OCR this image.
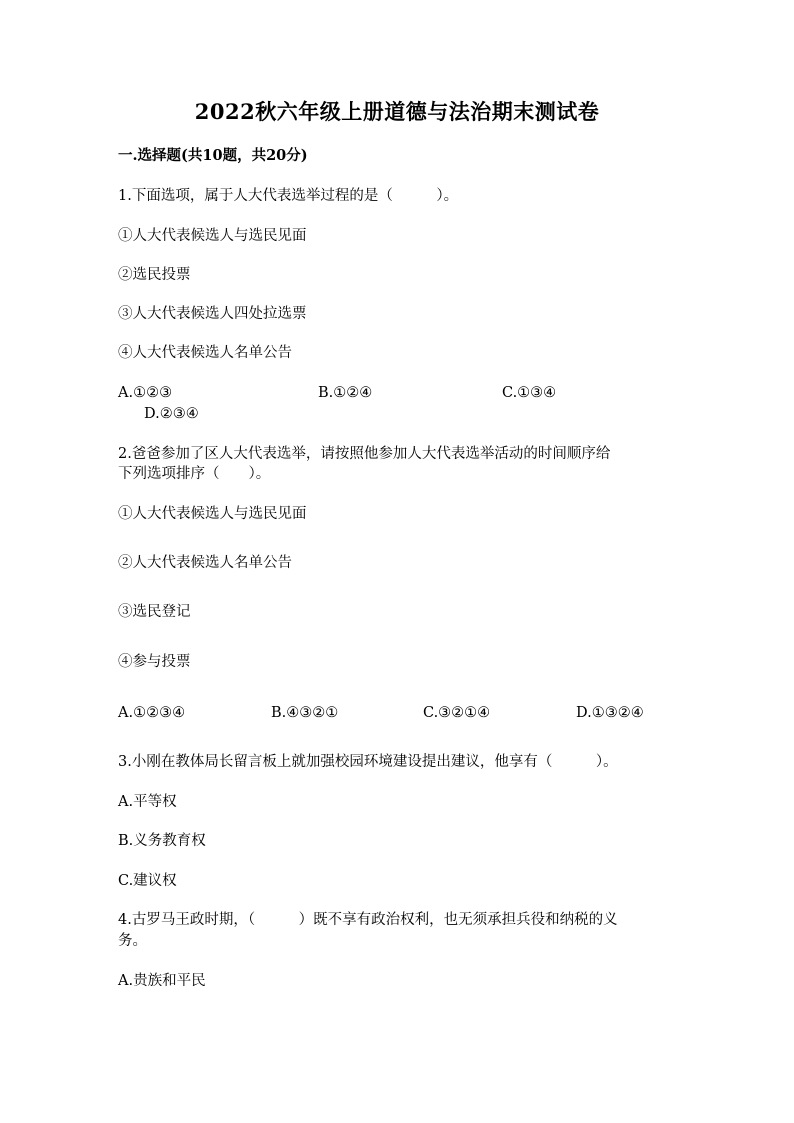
2022秋六年级上册道德与法治期末测试卷
一.选择题(共10题，共20分)
1.下面选项，属于人大代表选举过程的是（　　　）。
①人大代表候选人与选民见面
②选民投票
③人大代表候选人四处拉选票
④人大代表候选人名单公告
A.①②③	B.①②④	C.①③④
D.②③④
2.爸爸参加了区人大代表选举，请按照他参加人大代表选举活动的时间顺序给
下列选项排序（　　）。
①人大代表候选人与选民见面
②人大代表候选人名单公告
③选民登记
④参与投票
A.①②③④	B.④③②①	C.③②①④	D.①③②④
3.小刚在教体局长留言板上就加强校园环境建设提出建议，他享有（　　　）。
A.平等权
B.义务教育权
C.建议权
4.古罗马王政时期，（　　　）既不享有政治权利，也无须承担兵役和纳税的义
务。
A.贵族和平民
